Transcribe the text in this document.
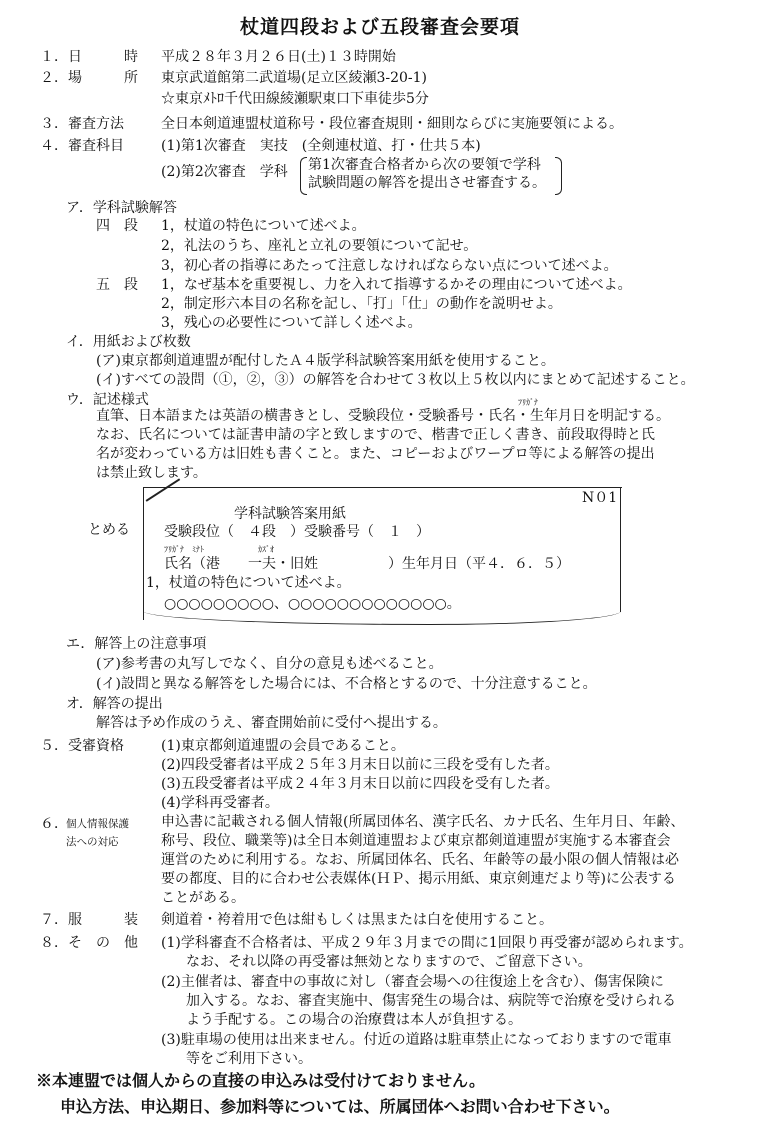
杖道四段および五段審査会要項
１．日　　　時 平成２８年３月２６日(土)１３時開始
２．場　　　所 東京武道館第二武道場(足立区綾瀬3-20-1)
☆東京ﾒﾄﾛ千代田線綾瀬駅東口下車徒歩5分
３．審査方法	全日本剣道連盟杖道称号・段位審査規則・細則ならびに実施要領による。
４．審査科目	(1)第1次審査　実技　(全剣連杖道、打・仕共５本)
(2)第2次審査　学科 第1次審査合格者から次の要領で学科
試験問題の解答を提出させ審査する。
ア．学科試験解答
四　段 1，杖道の特色について述べよ。
2，礼法のうち、座礼と立礼の要領について記せ。
3，初心者の指導にあたって注意しなければならない点について述べよ。
五　段 1，なぜ基本を重要視し、力を入れて指導するかその理由について述べよ。
2，制定形六本目の名称を記し、「打」「仕」の動作を説明せよ。
3，残心の必要性について詳しく述べよ。
イ．用紙および枚数
(ア)東京都剣道連盟が配付したＡ４版学科試験答案用紙を使用すること。
(イ)すべての設問（①，②，③）の解答を合わせて３枚以上５枚以内にまとめて記述すること。
ウ．記述様式	ﾌﾘｶﾞﾅ
直筆、日本語または英語の横書きとし、受験段位・受験番号・氏名・生年月日を明記する。
なお、氏名については証書申請の字と致しますので、楷書で正しく書き、前段取得時と氏
名が変わっている方は旧姓も書くこと。また、コピーおよびワープロ等による解答の提出
は禁止致します。
N０1
とめる
学科試験答案用紙
受験段位（　４段　）受験番号（　１　）
ﾌﾘｶﾞﾅ　ﾐﾅﾄ	ｶｽﾞｵ
氏名（港　　一夫・旧姓　　　　　）生年月日（平４．６．５）
1，杖道の特色について述べよ。
○○○○○○○○○、○○○○○○○○○○○○○。
エ．解答上の注意事項
(ア)参考書の丸写しでなく、自分の意見も述べること。
(イ)設問と異なる解答をした場合には、不合格とするので、十分注意すること。
オ．解答の提出
解答は予め作成のうえ、審査開始前に受付へ提出する。
５．受審資格	(1)東京都剣道連盟の会員であること。
(2)四段受審者は平成２５年３月末日以前に三段を受有した者。
(3)五段受審者は平成２４年３月末日以前に四段を受有した者。
(4)学科再受審者。
６．
個人情報保護
法への対応
申込書に記載される個人情報(所属団体名、漢字氏名、カナ氏名、生年月日、年齢、
称号、段位、職業等)は全日本剣道連盟および東京都剣道連盟が実施する本審査会
運営のために利用する。なお、所属団体名、氏名、年齢等の最小限の個人情報は必
要の都度、目的に合わせ公表媒体(ＨＰ、掲示用紙、東京剣連だより等)に公表する
ことがある。
７．服　　　装 剣道着・袴着用で色は紺もしくは黒または白を使用すること。
８．そ　の　他 (1)学科審査不合格者は、平成２９年３月までの間に1回限り再受審が認められます。
なお、それ以降の再受審は無効となりますので、ご留意下さい。
(2)主催者は、審査中の事故に対し（審査会場への往復途上を含む）、傷害保険に
加入する。なお、審査実施中、傷害発生の場合は、病院等で治療を受けられる
よう手配する。この場合の治療費は本人が負担する。
(3)駐車場の使用は出来ません。付近の道路は駐車禁止になっておりますので電車
等をご利用下さい。
※本連盟では個人からの直接の申込みは受付けておりません。
申込方法、申込期日、参加料等については、所属団体へお問い合わせ下さい。
